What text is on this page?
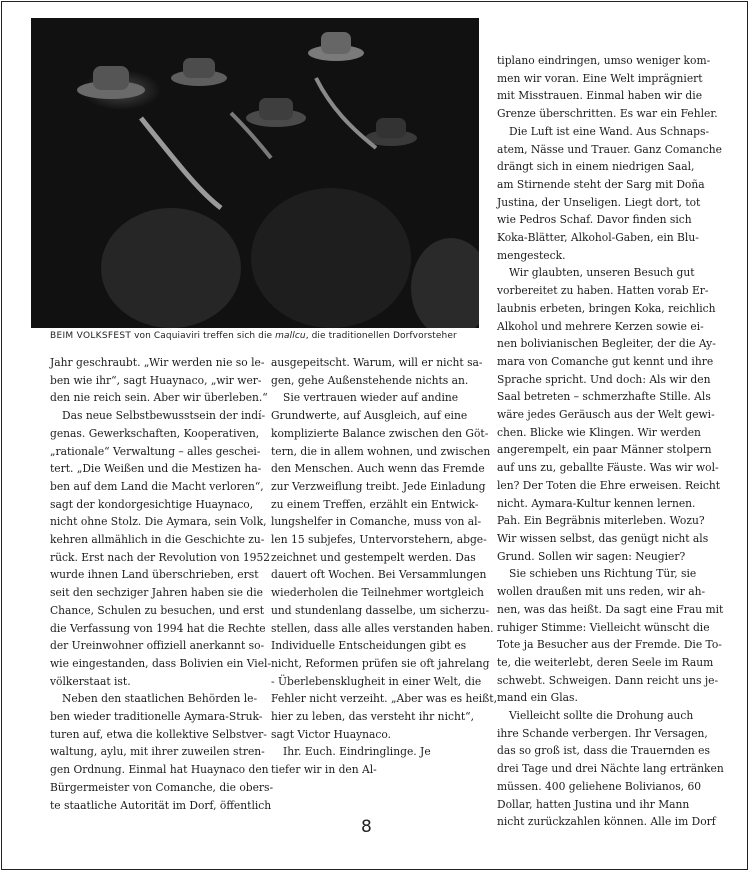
BEIM VOLKSFEST von Caquiaviri treffen sich die mallcu, die traditionellen Dorfvorsteher

Jahr geschraubt. „Wir werden nie so le-

ben wie ihr“, sagt Huaynaco, „wir wer-

den nie reich sein. Aber wir überleben.“

Das neue Selbstbewusstsein der indí-

genas. Gewerkschaften, Kooperativen,

„rationale“ Verwaltung – alles geschei-

tert. „Die Weißen und die Mestizen ha-

ben auf dem Land die Macht verloren“,

sagt der kondorgesichtige Huaynaco,

nicht ohne Stolz. Die Aymara, sein Volk,

kehren allmählich in die Geschichte zu-

rück. Erst nach der Revolution von 1952

wurde ihnen Land überschrieben, erst

seit den sechziger Jahren haben sie die

Chance, Schulen zu besuchen, und erst

die Verfassung von 1994 hat die Rechte

der Ureinwohner offiziell anerkannt so-

wie eingestanden, dass Bolivien ein Viel-

völkerstaat ist.

Neben den staatlichen Behörden le-

ben wieder traditionelle Aymara-Struk-

turen auf, etwa die kollektive Selbstver-

waltung, aylu, mit ihrer zuweilen stren-

gen Ordnung. Einmal hat Huaynaco den

Bürgermeister von Comanche, die obers-

te staatliche Autorität im Dorf, öffentlich

ausgepeitscht. Warum, will er nicht sa-

gen, gehe Außenstehende nichts an.

Sie vertrauen wieder auf andine

Grundwerte, auf Ausgleich, auf eine

komplizierte Balance zwischen den Göt-

tern, die in allem wohnen, und zwischen

den Menschen. Auch wenn das Fremde

zur Verzweiflung treibt. Jede Einladung

zu einem Treffen, erzählt ein Entwick-

lungshelfer in Comanche, muss von al-

len 15 subjefes, Untervorstehern, abge-

zeichnet und gestempelt werden. Das

dauert oft Wochen. Bei Versammlungen

wiederholen die Teilnehmer wortgleich

und stundenlang dasselbe, um sicherzu-

stellen, dass alle alles verstanden haben.

Individuelle Entscheidungen gibt es

nicht, Reformen prüfen sie oft jahrelang

- Überlebensklugheit in einer Welt, die

Fehler nicht verzeiht. „Aber was es heißt,

hier zu leben, das versteht ihr nicht“,

sagt Victor Huaynaco.

Ihr. Euch. Eindringlinge. Je

tiefer wir in den Al-

tiplano eindringen, umso weniger kom-

men wir voran. Eine Welt imprägniert

mit Misstrauen. Einmal haben wir die

Grenze überschritten. Es war ein Fehler.

Die Luft ist eine Wand. Aus Schnaps-

atem, Nässe und Trauer. Ganz Comanche

drängt sich in einem niedrigen Saal,

am Stirnende steht der Sarg mit Doña

Justina, der Unseligen. Liegt dort, tot

wie Pedros Schaf. Davor finden sich

Koka-Blätter, Alkohol-Gaben, ein Blu-

mengesteck.

Wir glaubten, unseren Besuch gut

vorbereitet zu haben. Hatten vorab Er-

laubnis erbeten, bringen Koka, reichlich

Alkohol und mehrere Kerzen sowie ei-

nen bolivianischen Begleiter, der die Ay-

mara von Comanche gut kennt und ihre

Sprache spricht. Und doch: Als wir den

Saal betreten – schmerzhafte Stille. Als

wäre jedes Geräusch aus der Welt gewi-

chen. Blicke wie Klingen. Wir werden

angerempelt, ein paar Männer stolpern

auf uns zu, geballte Fäuste. Was wir wol-

len? Der Toten die Ehre erweisen. Reicht

nicht. Aymara-Kultur kennen lernen.

Pah. Ein Begräbnis miterleben. Wozu?

Wir wissen selbst, das genügt nicht als

Grund. Sollen wir sagen: Neugier?

Sie schieben uns Richtung Tür, sie

wollen draußen mit uns reden, wir ah-

nen, was das heißt. Da sagt eine Frau mit

ruhiger Stimme: Vielleicht wünscht die

Tote ja Besucher aus der Fremde. Die To-

te, die weiterlebt, deren Seele im Raum

schwebt. Schweigen. Dann reicht uns je-

mand ein Glas.

Vielleicht sollte die Drohung auch

ihre Schande verbergen. Ihr Versagen,

das so groß ist, dass die Trauernden es

drei Tage und drei Nächte lang ertränken

müssen. 400 geliehene Bolivianos, 60

Dollar, hatten Justina und ihr Mann

nicht zurückzahlen können. Alle im Dorf

8
